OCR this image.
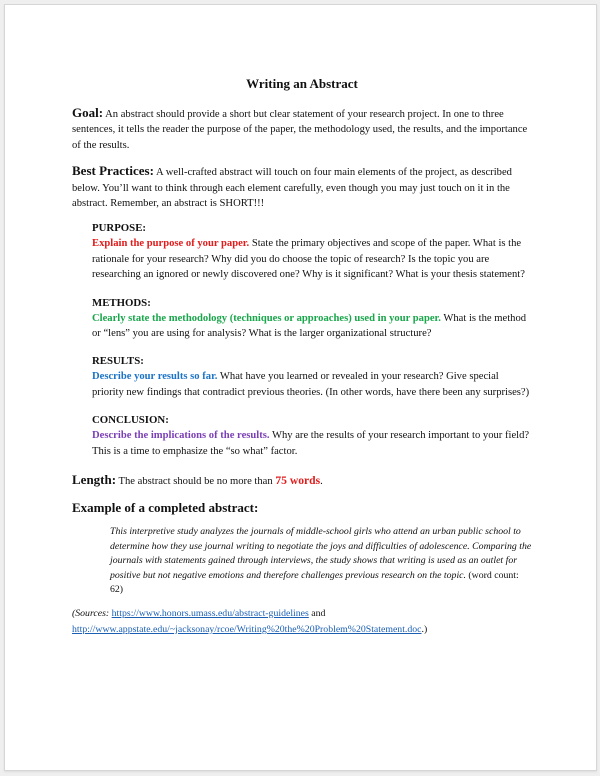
Writing an Abstract

Goal: An abstract should provide a short but clear statement of your research project. In one to three sentences, it tells the reader the purpose of the paper, the methodology used, the results, and the importance of the results.

Best Practices: A well-crafted abstract will touch on four main elements of the project, as described below. You’ll want to think through each element carefully, even though you may just touch on it in the abstract. Remember, an abstract is SHORT!!!

PURPOSE:

Explain the purpose of your paper. State the primary objectives and scope of the paper. What is the rationale for your research? Why did you do choose the topic of research? Is the topic you are researching an ignored or newly discovered one? Why is it significant? What is your thesis statement?

METHODS:

Clearly state the methodology (techniques or approaches) used in your paper. What is the method or “lens” you are using for analysis? What is the larger organizational structure?

RESULTS:

Describe your results so far. What have you learned or revealed in your research? Give special priority new findings that contradict previous theories. (In other words, have there been any surprises?)

CONCLUSION:

Describe the implications of the results. Why are the results of your research important to your field? This is a time to emphasize the “so what” factor.

Length: The abstract should be no more than 75 words.

Example of a completed abstract:

This interpretive study analyzes the journals of middle-school girls who attend an urban public school to determine how they use journal writing to negotiate the joys and difficulties of adolescence. Comparing the journals with statements gained through interviews, the study shows that writing is used as an outlet for positive but not negative emotions and therefore challenges previous research on the topic. (word count: 62)

(Sources: https://www.honors.umass.edu/abstract-guidelines and
http://www.appstate.edu/~jacksonay/rcoe/Writing%20the%20Problem%20Statement.doc.)
